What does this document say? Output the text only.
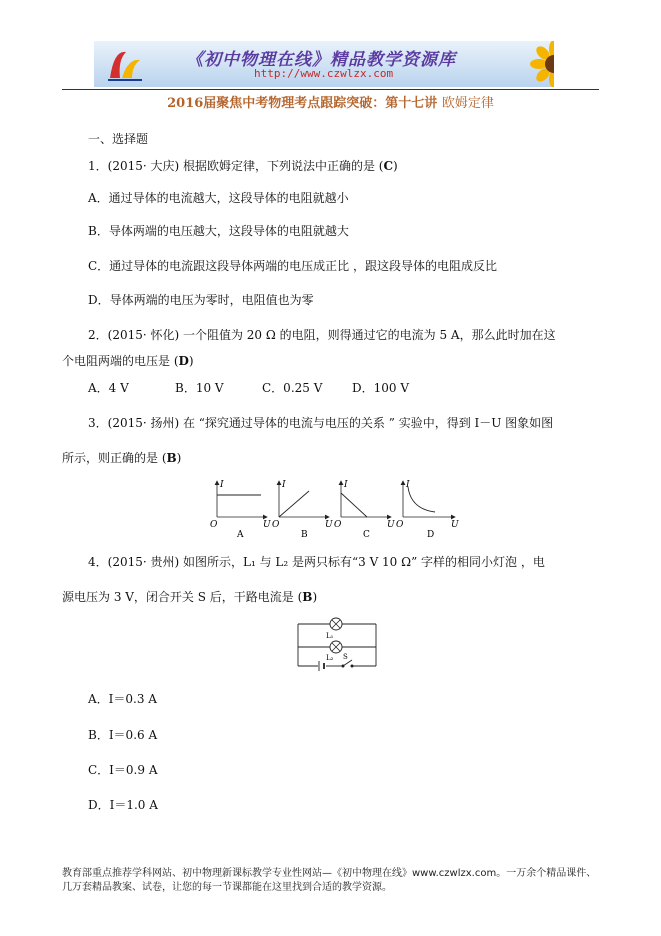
《初中物理在线》精品教学资源库
http://www.czwlzx.com
2016届聚焦中考物理考点跟踪突破：第十七讲 欧姆定律
一、选择题
1．(2015· 大庆) 根据欧姆定律，下列说法中正确的是 (C)
A．通过导体的电流越大，这段导体的电阻就越小
B．导体两端的电压越大，这段导体的电阻就越大
C．通过导体的电流跟这段导体两端的电压成正比 ，跟这段导体的电阻成反比
D．导体两端的电压为零时，电阻值也为零
2．(2015· 怀化) 一个阻值为 20 Ω 的电阻，则得通过它的电流为 5 A，那么此时加在这
个电阻两端的电压是 (D)
A．4 V	B．10 V	C．0.25 V D．100 V
3．(2015· 扬州) 在 “探究通过导体的电流与电压的关系 ” 实验中，得到 I－U 图象如图
所示，则正确的是 (B)
I
U
O
A
I
U
O
B
I
U
O
C
I
U
O
D
4．(2015· 贵州) 如图所示，L₁ 与 L₂ 是两只标有“3 V 10 Ω” 字样的相同小灯泡 ，电
源电压为 3 V，闭合开关 S 后，干路电流是 (B)
L₁
L₂ S
A．I＝0.3 A
B．I＝0.6 A
C．I＝0.9 A
D．I＝1.0 A
教育部重点推荐学科网站、初中物理新课标教学专业性网站—《初中物理在线》www.czwlzx.com。一万余个精品课件、
几万套精品教案、试卷，让您的每一节课都能在这里找到合适的教学资源。
